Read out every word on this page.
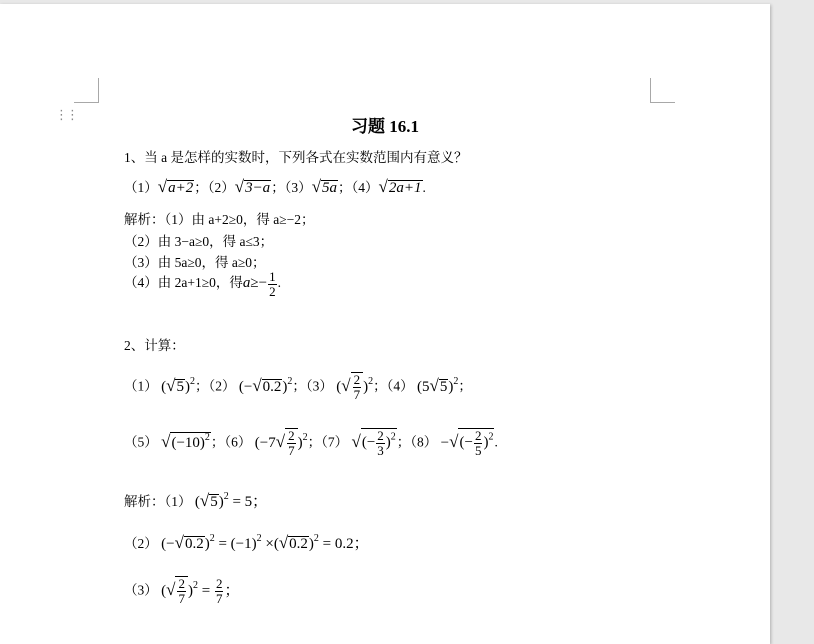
⋮⋮
习题 16.1
1、当 a 是怎样的实数时，下列各式在实数范围内有意义？
（1）√a+2；（2）√3−a；（3）√5a；（4）√2a+1.
解析：（1）由 a+2≥0，得 a≥−2；
（2）由 3−a≥0，得 a≤3；
（3）由 5a≥0，得 a≥0；
（4）由 2a+1≥0，得$a\ge- \frac{1}{2}$ .
2、计算：
（1） $(√5)^2$；（2） $(-√0.2)^2$；（3） (√ $\frac{2}{7} )^2$；（4） $(5√5)^2$；
（5） $√(-10)^2$；（6） $(-7√ \frac{2}{7} )^2$；（7） √(− $\frac{2}{3} )^2$；（8） −√(− $\frac{2}{5} )^2$.
解析：（1） $(√5)^2 = 5$；
（2） $(-√0.2)^2 = (-1)^2 \times(√0.2)^2 = 0.2$；
（3） (√ $\frac{2}{7} )^2 = \frac{2}{7}$ ；
